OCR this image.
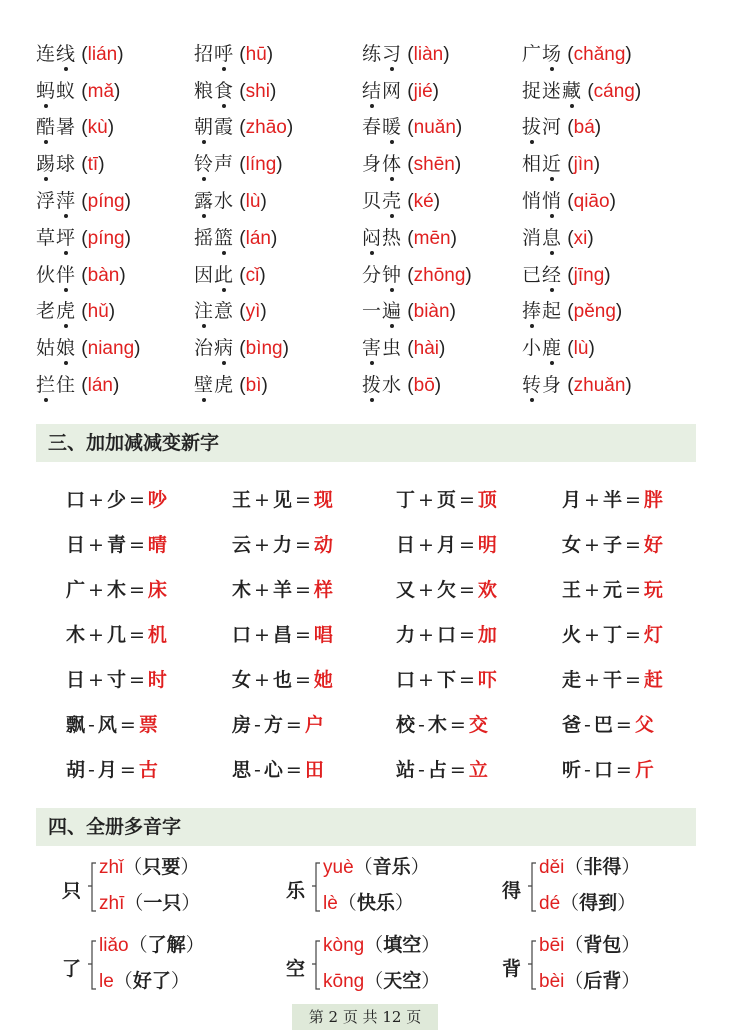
连线 (lián)	招呼 (hū)	练习 (liàn)	广场 (chǎng)
蚂蚁 (mǎ)	粮食 (shi)	结网 (jié)	捉迷藏 (cáng)
酷暑 (kù)	朝霞 (zhāo)	春暖 (nuǎn)	拔河 (bá)
踢球 (tī)	铃声 (líng)	身体 (shēn)	相近 (jìn)
浮萍 (píng)	露水 (lù)	贝壳 (ké)	悄悄 (qiāo)
草坪 (píng)	摇篮 (lán)	闷热 (mēn)	消息 (xi)
伙伴 (bàn)	因此 (cǐ)	分钟 (zhōng)	已经 (jīng)
老虎 (hǔ)	注意 (yì)	一遍 (biàn)	捧起 (pěng)
姑娘 (niang)	治病 (bìng)	害虫 (hài)	小鹿 (lù)
拦住 (lán)	壁虎 (bì)	拨水 (bō)	转身 (zhuǎn)
三、加加减减变新字
口 + 少 = 吵	王 + 见 = 现	丁 + 页 = 顶	月 + 半 = 胖
日 + 青 = 晴	云 + 力 = 动	日 + 月 = 明	女 + 子 = 好
广 + 木 = 床	木 + 羊 = 样	又 + 欠 = 欢	王 + 元 = 玩
木 + 几 = 机	口 + 昌 = 唱	力 + 口 = 加	火 + 丁 = 灯
日 + 寸 = 时	女 + 也 = 她	口 + 下 = 吓	走 + 干 = 赶
飘 - 风 = 票	房 - 方 = 户	校 - 木 = 交	爸 - 巴 = 父
胡 - 月 = 古	思 - 心 = 田	站 - 占 = 立	听 - 口 = 斤
四、全册多音字
只
zhǐ（只要）
zhī（一只）
乐
yuè（音乐）
lè（快乐）
得
děi（非得）
dé（得到）
了
liǎo（了解）
le（好了）
空
kòng（填空）
kōng（天空）
背
bēi（背包）
bèi（后背）
第 2 页 共 12 页
